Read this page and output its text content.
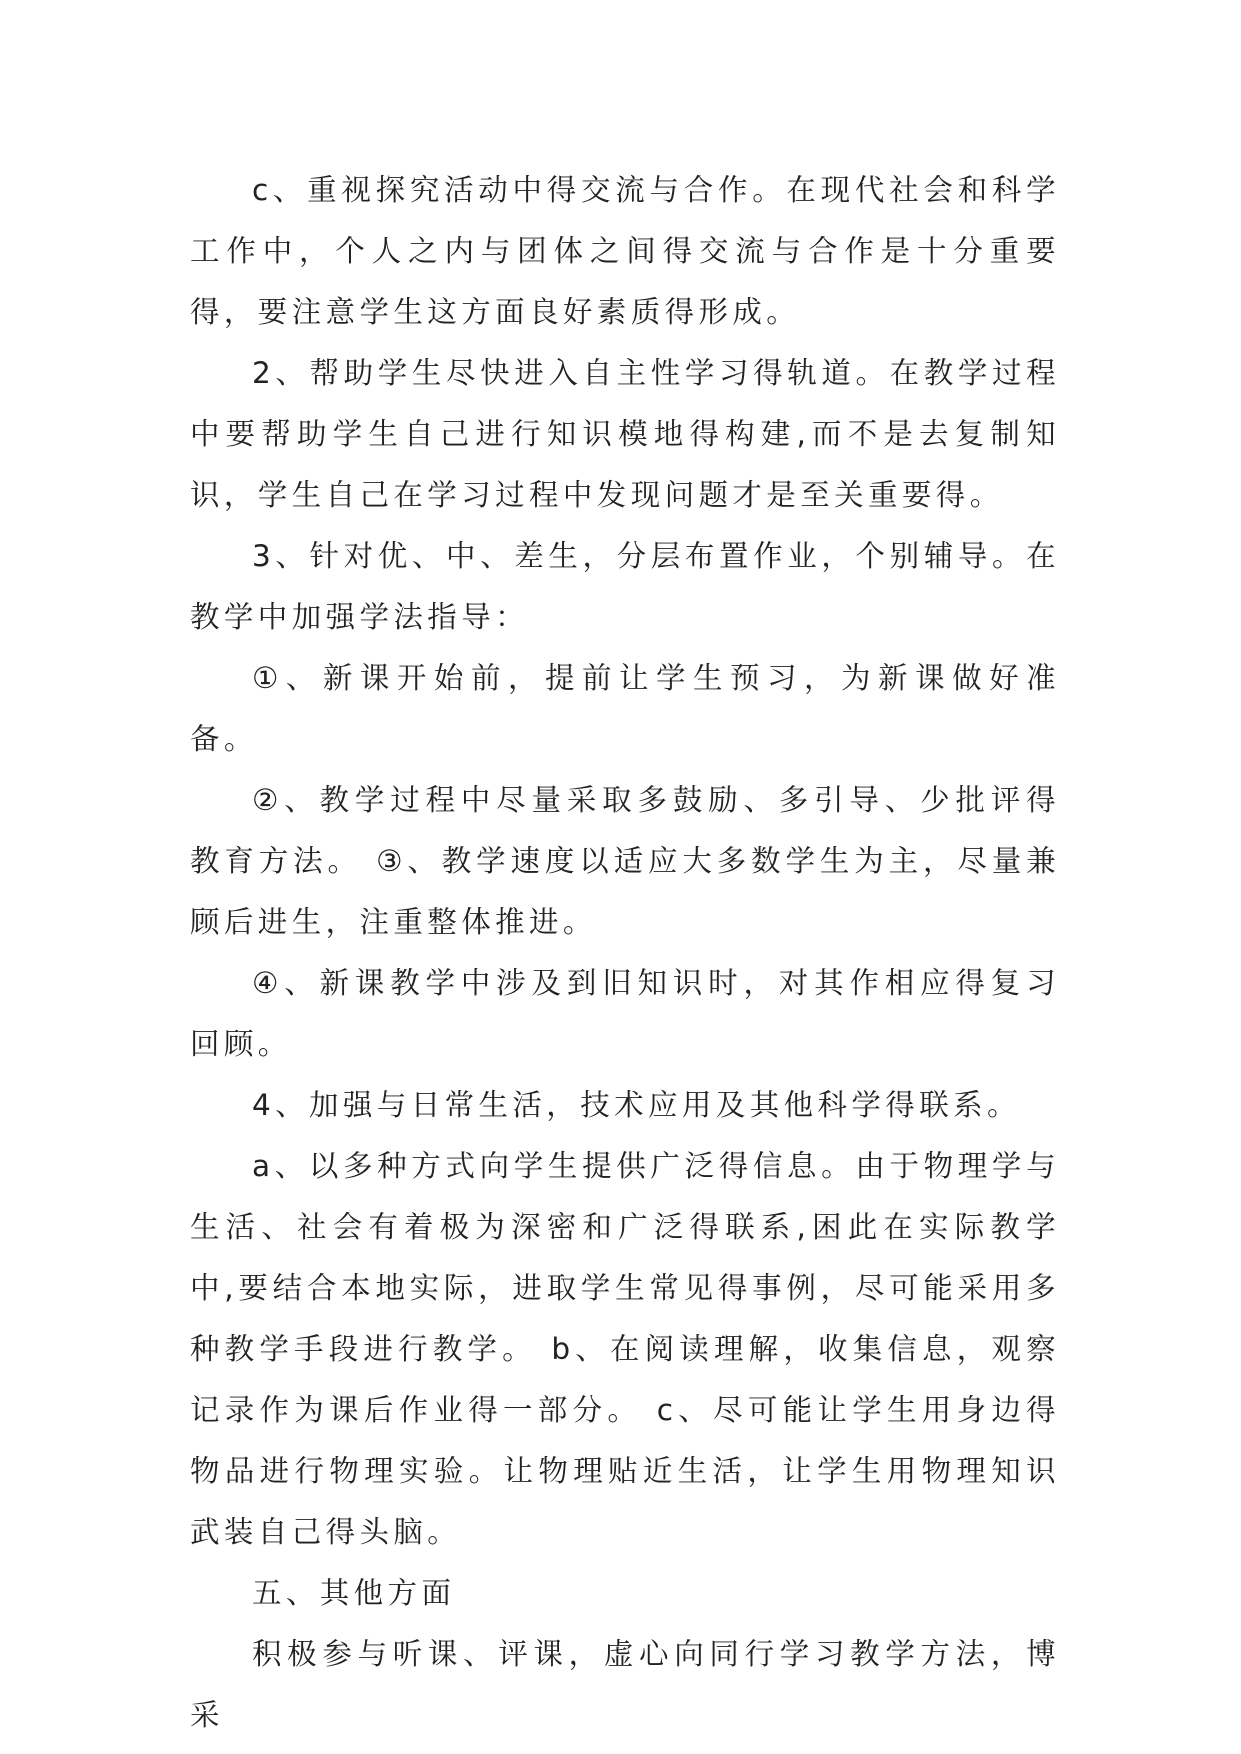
c、重视探究活动中得交流与合作。在现代社会和科学工作中，个人之内与团体之间得交流与合作是十分重要得，要注意学生这方面良好素质得形成。

2、帮助学生尽快进入自主性学习得轨道。在教学过程中要帮助学生自己进行知识模地得构建,而不是去复制知识，学生自己在学习过程中发现问题才是至关重要得。

3、针对优、中、差生，分层布置作业，个别辅导。在教学中加强学法指导：

①、新课开始前，提前让学生预习，为新课做好准备。

②、教学过程中尽量采取多鼓励、多引导、少批评得教育方法。 ③、教学速度以适应大多数学生为主，尽量兼顾后进生，注重整体推进。

④、新课教学中涉及到旧知识时，对其作相应得复习回顾。

4、加强与日常生活，技术应用及其他科学得联系。

a、以多种方式向学生提供广泛得信息。由于物理学与生活、社会有着极为深密和广泛得联系,困此在实际教学中,要结合本地实际，进取学生常见得事例，尽可能采用多种教学手段进行教学。 b、在阅读理解，收集信息，观察记录作为课后作业得一部分。 c、尽可能让学生用身边得物品进行物理实验。让物理贴近生活，让学生用物理知识武装自己得头脑。

五、其他方面

积极参与听课、评课，虚心向同行学习教学方法，博采
